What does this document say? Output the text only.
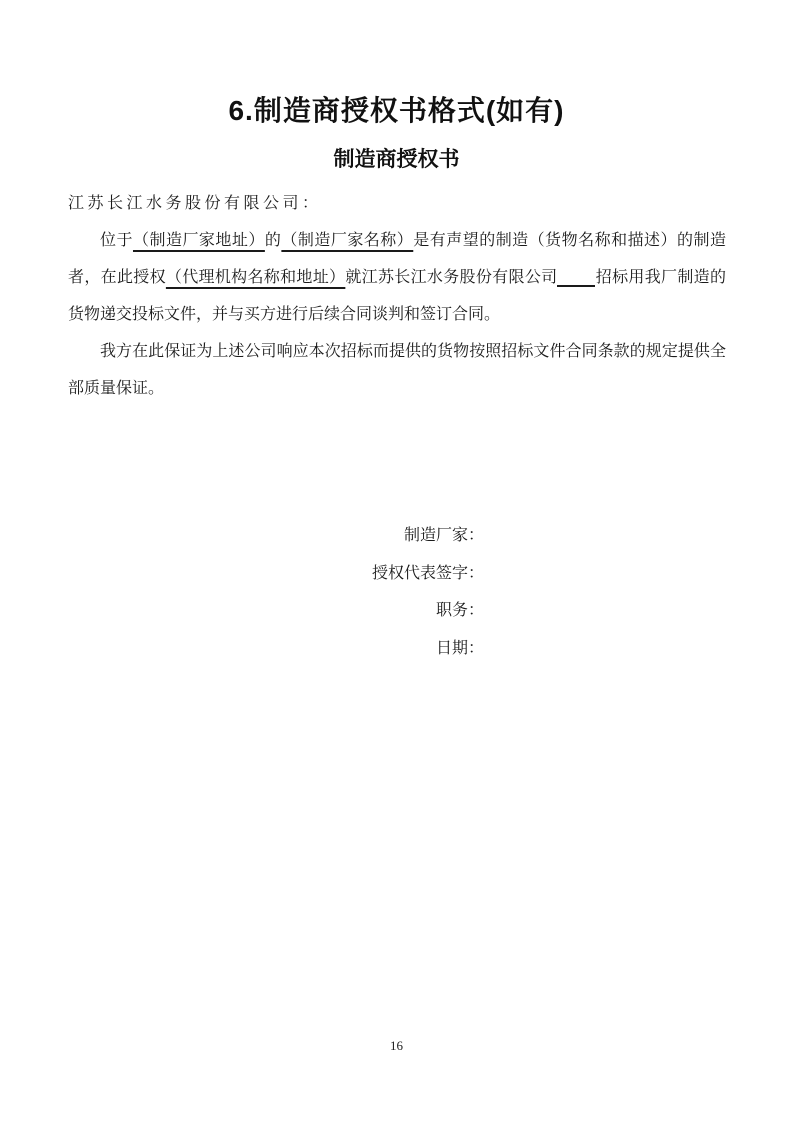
6.制造商授权书格式(如有)
制造商授权书

江苏长江水务股份有限公司：

位于（制造厂家地址）的（制造厂家名称）是有声望的制造（货物名称和描述）的制造者，在此授权（代理机构名称和地址）就江苏长江水务股份有限公司 招标用我厂制造的货物递交投标文件，并与买方进行后续合同谈判和签订合同。

我方在此保证为上述公司响应本次招标而提供的货物按照招标文件合同条款的规定提供全部质量保证。

制造厂家：
授权代表签字：
职务：
日期：
16
